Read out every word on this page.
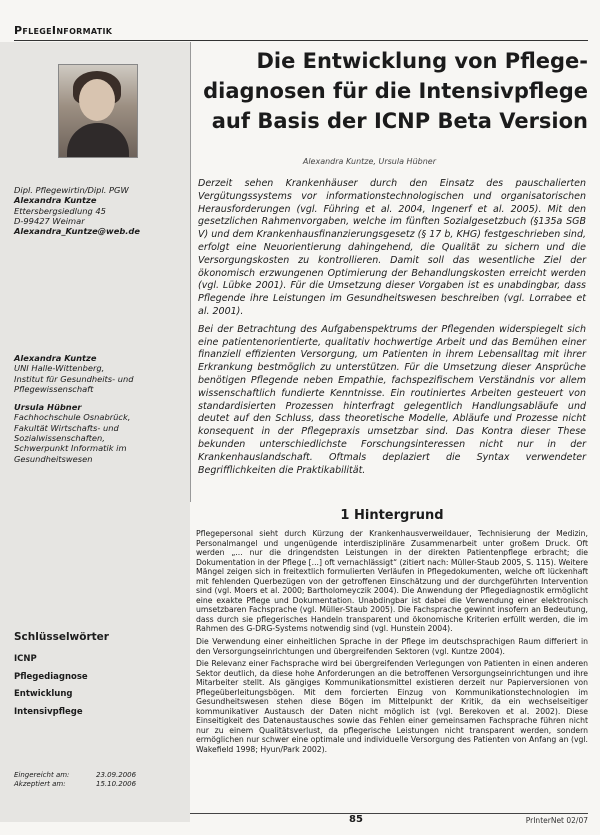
PflegeInformatik
Die Entwicklung von Pflege-
diagnosen für die Intensivpflege
auf Basis der ICNP Beta Version
Alexandra Kuntze, Ursula Hübner
Dipl. Pflegewirtin/Dipl. PGW
Alexandra Kuntze
Ettersbergsiedlung 45
D-99427 Weimar
Alexandra_Kuntze@web.de
Alexandra Kuntze
UNI Halle-Wittenberg,
Institut für Gesundheits- und
Pflegewissenschaft
Ursula Hübner
Fachhochschule Osnabrück,
Fakultät Wirtschafts- und
Sozialwissenschaften,
Schwerpunkt Informatik im
Gesundheitswesen

Derzeit sehen Krankenhäuser durch den Einsatz des pauschalierten Vergütungssystems vor informationstechnologischen und organisatorischen Herausforderungen (vgl. Führing et al. 2004, Ingenerf et al. 2005). Mit den gesetzlichen Rahmenvorgaben, welche im fünften Sozialgesetzbuch (§135a SGB V) und dem Krankenhausfinanzierungsgesetz (§ 17 b, KHG) festgeschrieben sind, erfolgt eine Neuorientierung dahingehend, die Qualität zu sichern und die Versorgungskosten zu kontrollieren. Damit soll das wesentliche Ziel der ökonomisch erzwungenen Optimierung der Behandlungskosten erreicht werden (vgl. Lübke 2001). Für die Umsetzung dieser Vorgaben ist es unabdingbar, dass Pflegende ihre Leistungen im Gesundheitswesen beschreiben (vgl. Lorrabee et al. 2001).

Bei der Betrachtung des Aufgabenspektrums der Pflegenden widerspiegelt sich eine patientenorientierte, qualitativ hochwertige Arbeit und das Bemühen einer finanziell effizienten Versorgung, um Patienten in ihrem Lebensalltag mit ihrer Erkrankung bestmöglich zu unterstützen. Für die Umsetzung dieser Ansprüche benötigen Pflegende neben Empathie, fachspezifischem Verständnis vor allem wissenschaftlich fundierte Kenntnisse. Ein routiniertes Arbeiten gesteuert von standardisierten Prozessen hinterfragt gelegentlich Handlungsabläufe und deutet auf den Schluss, dass theoretische Modelle, Abläufe und Prozesse nicht konsequent in der Pflegepraxis umsetzbar sind. Das Kontra dieser These bekunden unterschiedlichste Forschungsinteressen nicht nur in der Krankenhauslandschaft. Oftmals deplaziert die Syntax verwendeter Begrifflichkeiten die Praktikabilität.

1 Hintergrund

Pflegepersonal sieht durch Kürzung der Krankenhausverweildauer, Technisierung der Medizin, Personalmangel und ungenügende interdisziplinäre Zusammenarbeit unter großem Druck. Oft werden „... nur die dringendsten Leistungen in der direkten Patientenpflege erbracht; die Dokumentation in der Pflege [...] oft vernachlässigt“ (zitiert nach: Müller-Staub 2005, S. 115). Weitere Mängel zeigen sich in freitextlich formulierten Verläufen in Pflegedokumenten, welche oft lückenhaft mit fehlenden Querbezügen von der getroffenen Einschätzung und der durchgeführten Intervention sind (vgl. Moers et al. 2000; Bartholomeyczik 2004). Die Anwendung der Pflegediagnostik ermöglicht eine exakte Pflege und Dokumentation. Unabdingbar ist dabei die Verwendung einer elektronisch umsetzbaren Fachsprache (vgl. Müller-Staub 2005). Die Fachsprache gewinnt insofern an Bedeutung, dass durch sie pflegerisches Handeln transparent und ökonomische Kriterien erfüllt werden, die im Rahmen des G-DRG-Systems notwendig sind (vgl. Hunstein 2004).

Die Verwendung einer einheitlichen Sprache in der Pflege im deutschsprachigen Raum differiert in den Versorgungseinrichtungen und übergreifenden Sektoren (vgl. Kuntze 2004).

Die Relevanz einer Fachsprache wird bei übergreifenden Verlegungen von Patienten in einen anderen Sektor deutlich, da diese hohe Anforderungen an die betroffenen Versorgungseinrichtungen und ihre Mitarbeiter stellt. Als gängiges Kommunikationsmittel existieren derzeit nur Papierversionen von Pflegeüberleitungsbögen. Mit dem forcierten Einzug von Kommunikationstechnologien im Gesundheitswesen stehen diese Bögen im Mittelpunkt der Kritik, da ein wechselseitiger kommunikativer Austausch der Daten nicht möglich ist (vgl. Berekoven et al. 2002). Diese Einseitigkeit des Datenaustausches sowie das Fehlen einer gemeinsamen Fachsprache führen nicht nur zu einem Qualitätsverlust, da pflegerische Leistungen nicht transparent werden, sondern ermöglichen nur schwer eine optimale und individuelle Versorgung des Patienten von Anfang an (vgl. Wakefield 1998; Hyun/Park 2002).

Schlüsselwörter
ICNP
Pflegediagnose
Entwicklung
Intensivpflege
Eingereicht am:	23.09.2006
Akzeptiert am:	15.10.2006
85	PrInterNet 02/07
